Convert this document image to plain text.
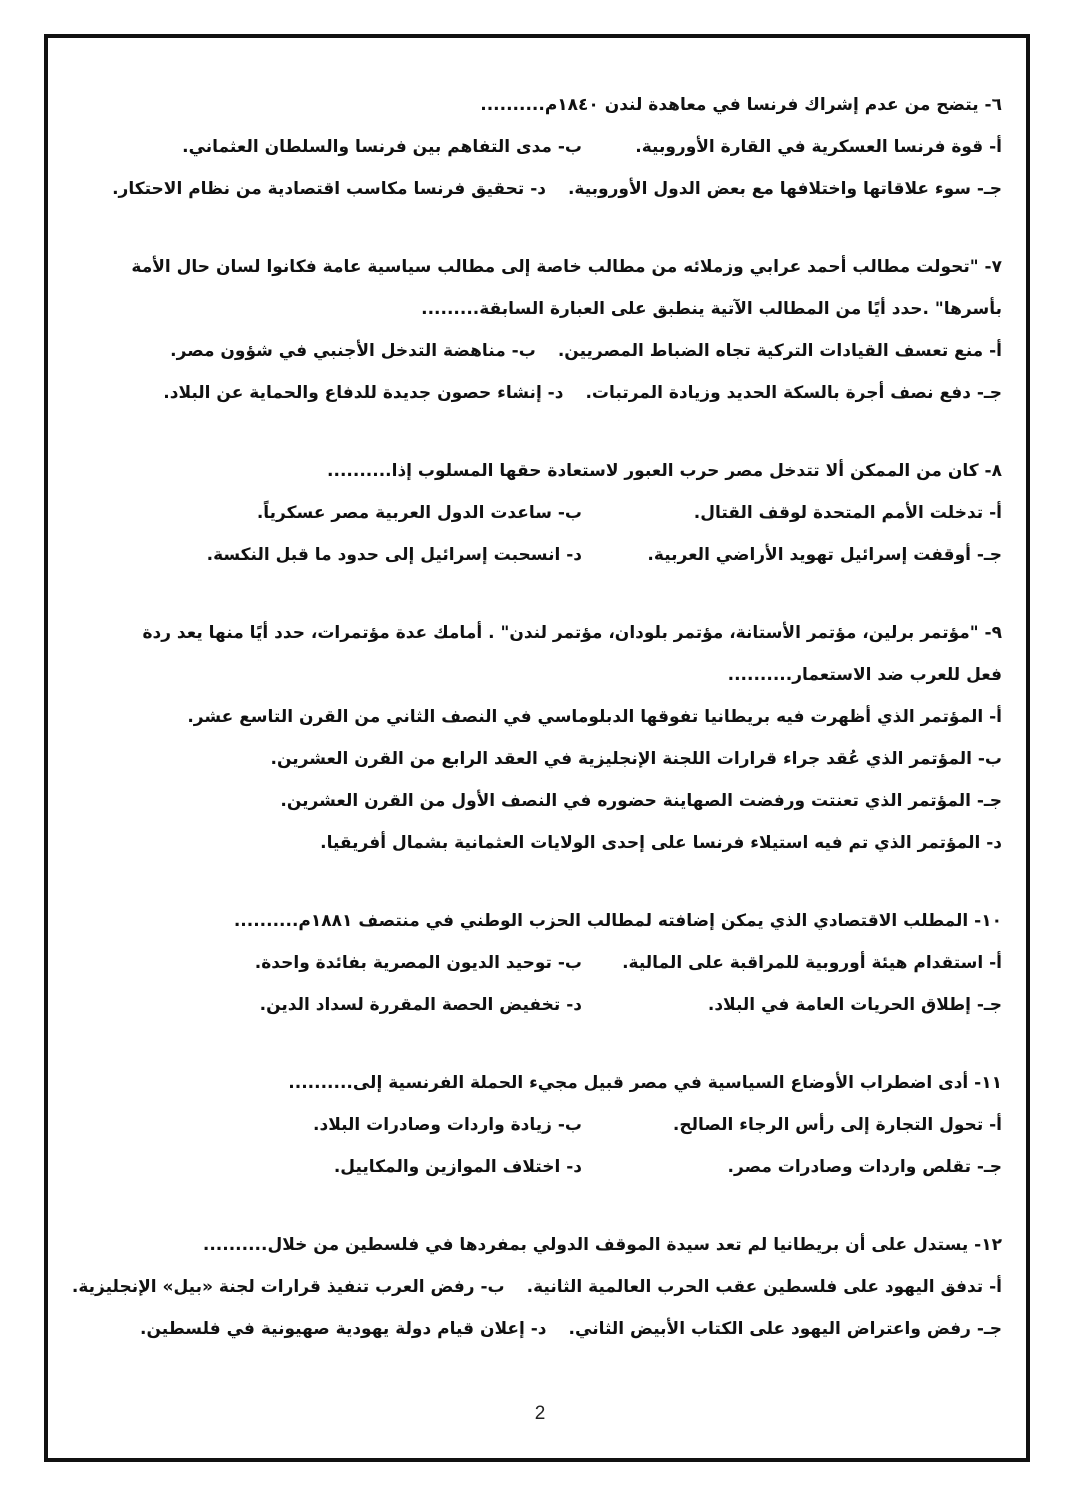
٦- يتضح من عدم إشراك فرنسا في معاهدة لندن ١٨٤٠م..........
أ- قوة فرنسا العسكرية في القارة الأوروبية.
ب- مدى التفاهم بين فرنسا والسلطان العثماني.
جـ- سوء علاقاتها واختلافها مع بعض الدول الأوروبية.
د- تحقيق فرنسا مكاسب اقتصادية من نظام الاحتكار.
٧- "تحولت مطالب أحمد عرابي وزملائه من مطالب خاصة إلى مطالب سياسية عامة فكانوا لسان حال الأمة
بأسرها" .حدد أيًا من المطالب الآتية ينطبق على العبارة السابقة.........
أ- منع تعسف القيادات التركية تجاه الضباط المصريين.
ب- مناهضة التدخل الأجنبي في شؤون مصر.
جـ- دفع نصف أجرة بالسكة الحديد وزيادة المرتبات.
د- إنشاء حصون جديدة للدفاع والحماية عن البلاد.
٨- كان من الممكن ألا تتدخل مصر حرب العبور لاستعادة حقها المسلوب إذا..........
أ- تدخلت الأمم المتحدة لوقف القتال.
ب- ساعدت الدول العربية مصر عسكرياً.
جـ- أوقفت إسرائيل تهويد الأراضي العربية.
د- انسحبت إسرائيل إلى حدود ما قبل النكسة.
٩- "مؤتمر برلين، مؤتمر الأستانة، مؤتمر بلودان، مؤتمر لندن" . أمامك عدة مؤتمرات، حدد أيًا منها يعد ردة
فعل للعرب ضد الاستعمار..........
أ- المؤتمر الذي أظهرت فيه بريطانيا تفوقها الدبلوماسي في النصف الثاني من القرن التاسع عشر.
ب- المؤتمر الذي عُقد جراء قرارات اللجنة الإنجليزية في العقد الرابع من القرن العشرين.
جـ- المؤتمر الذي تعنتت ورفضت الصهاينة حضوره في النصف الأول من القرن العشرين.
د- المؤتمر الذي تم فيه استيلاء فرنسا على إحدى الولايات العثمانية بشمال أفريقيا.
١٠- المطلب الاقتصادي الذي يمكن إضافته لمطالب الحزب الوطني في منتصف ١٨٨١م..........
أ- استقدام هيئة أوروبية للمراقبة على المالية.
ب- توحيد الديون المصرية بفائدة واحدة.
جـ- إطلاق الحريات العامة في البلاد.
د- تخفيض الحصة المقررة لسداد الدين.
١١- أدى اضطراب الأوضاع السياسية في مصر قبيل مجيء الحملة الفرنسية إلى..........
أ- تحول التجارة إلى رأس الرجاء الصالح.
ب- زيادة واردات وصادرات البلاد.
جـ- تقلص واردات وصادرات مصر.
د- اختلاف الموازين والمكاييل.
١٢- يستدل على أن بريطانيا لم تعد سيدة الموقف الدولي بمفردها في فلسطين من خلال..........
أ- تدفق اليهود على فلسطين عقب الحرب العالمية الثانية.
ب- رفض العرب تنفيذ قرارات لجنة «بيل» الإنجليزية.
جـ- رفض واعتراض اليهود على الكتاب الأبيض الثاني.
د- إعلان قيام دولة يهودية صهيونية في فلسطين.
2
